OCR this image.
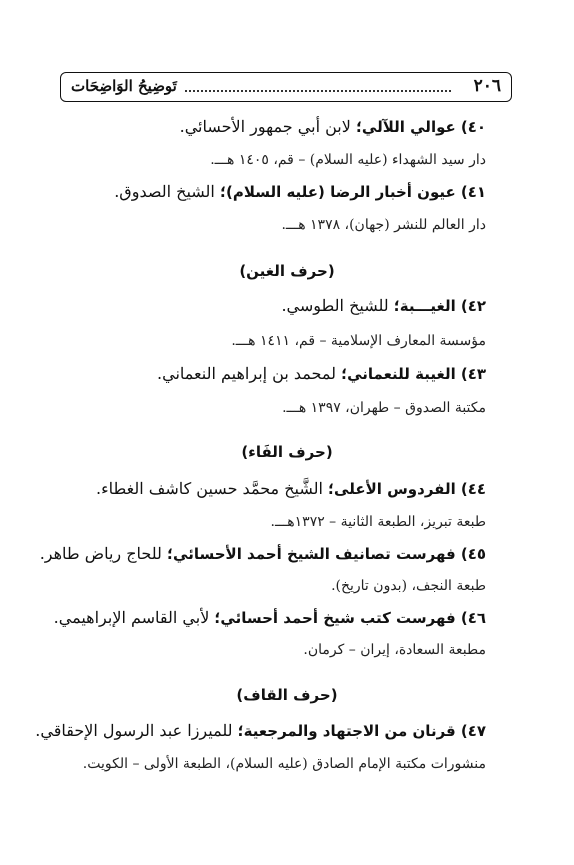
٢٠٦
تَوضِيحُ الوَاضِحَات
٤٠) عوالي اللآلي؛ لابن أبي جمهور الأحسائي.
دار سيد الشهداء (عليه السلام) – قم، ١٤٠٥ هـــ.
٤١) عيون أخبار الرضا (عليه السلام)؛ الشيخ الصدوق.
دار العالم للنشر (جهان)، ١٣٧٨ هـــ.
(حرف الغين)
٤٢) الغيـــبة؛ للشيخ الطوسي.
مؤسسة المعارف الإسلامية – قم، ١٤١١ هـــ.
٤٣) الغيبة للنعماني؛ لمحمد بن إبراهيم النعماني.
مكتبة الصدوق – طهران، ١٣٩٧ هـــ.
(حرف الفَاء)
٤٤) الفردوس الأعلى؛ الشَّيخ محمَّد حسين كاشف الغطاء.
طبعة تبريز، الطبعة الثانية – ١٣٧٢هـــ.
٤٥) فهرست تصانيف الشيخ أحمد الأحسائي؛ للحاج رياض طاهر.
طبعة النجف، (بدون تاريخ).
٤٦) فهرست كتب شيخ أحمد أحسائي؛ لأبي القاسم الإبراهيمي.
مطبعة السعادة، إيران – كرمان.
(حرف القاف)
٤٧) قرنان من الاجتهاد والمرجعية؛ للميرزا عبد الرسول الإحقاقي.
منشورات مكتبة الإمام الصادق (عليه السلام)، الطبعة الأولى – الكويت.
